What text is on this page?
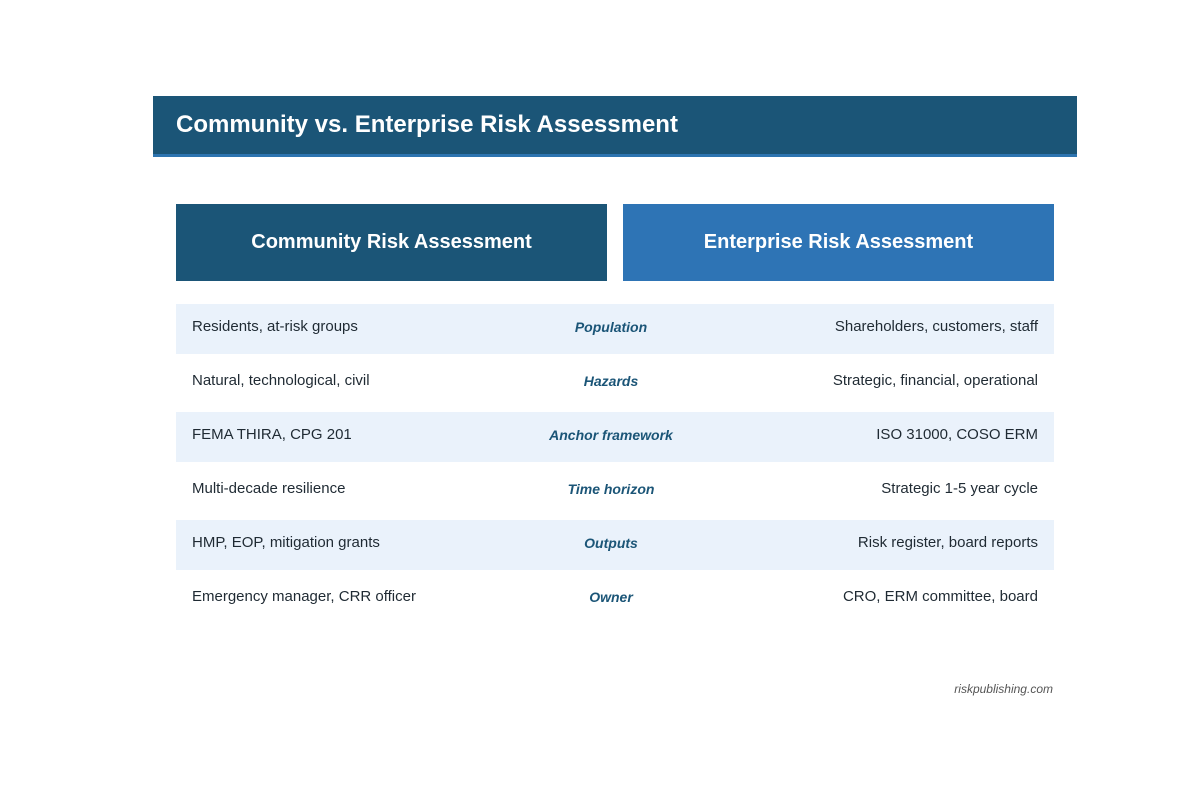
Community vs. Enterprise Risk Assessment
Community Risk Assessment	Enterprise Risk Assessment
Residents, at-risk groups	Population	Shareholders, customers, staff
Natural, technological, civil	Hazards	Strategic, financial, operational
FEMA THIRA, CPG 201	Anchor framework	ISO 31000, COSO ERM
Multi-decade resilience	Time horizon	Strategic 1-5 year cycle
HMP, EOP, mitigation grants	Outputs	Risk register, board reports
Emergency manager, CRR officer	Owner	CRO, ERM committee, board
riskpublishing.com
